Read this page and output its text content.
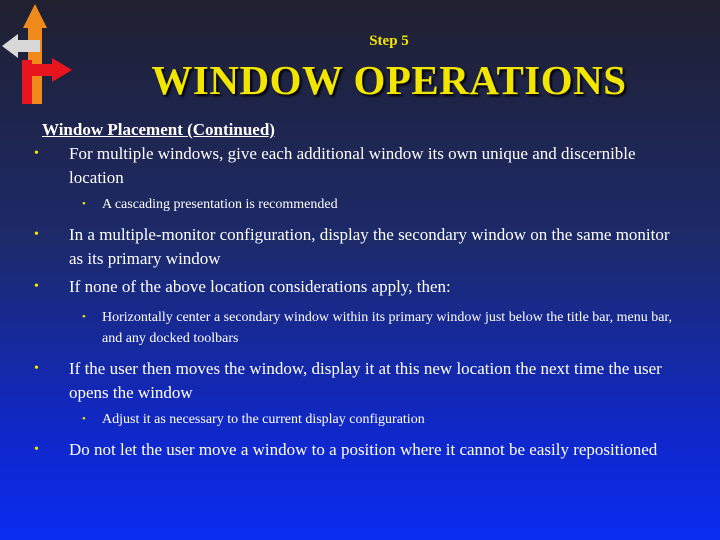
Step 5
WINDOW OPERATIONS
Window Placement (Continued)

• For multiple windows, give each additional window its own unique and discernible location

• A cascading presentation is recommended

• In a multiple-monitor configuration, display the secondary window on the same monitor as its primary window

• If none of the above location considerations apply, then:

• Horizontally center a secondary window within its primary window just below the title bar, menu bar, and any docked toolbars

• If the user then moves the window, display it at this new location the next time the user opens the window

• Adjust it as necessary to the current display configuration

• Do not let the user move a window to a position where it cannot be easily repositioned
